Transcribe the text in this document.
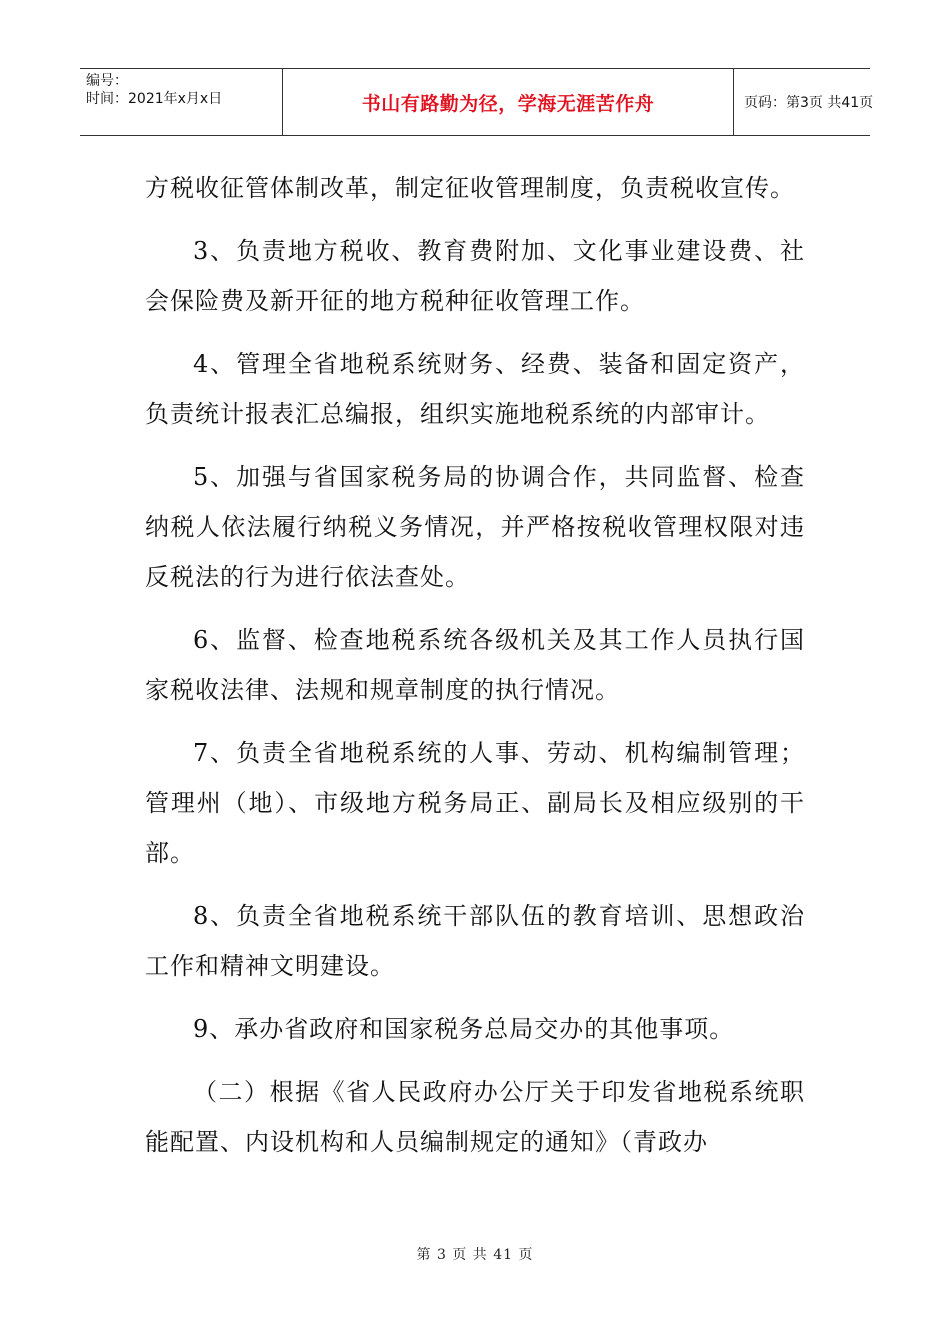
编号：
时间：2021年x月x日	书山有路勤为径，学海无涯苦作舟	页码：第3页 共41页

方税收征管体制改革，制定征收管理制度，负责税收宣传。

3、负责地方税收、教育费附加、文化事业建设费、社会保险费及新开征的地方税种征收管理工作。

4、管理全省地税系统财务、经费、装备和固定资产，负责统计报表汇总编报，组织实施地税系统的内部审计。

5、加强与省国家税务局的协调合作，共同监督、检查纳税人依法履行纳税义务情况，并严格按税收管理权限对违反税法的行为进行依法查处。

6、监督、检查地税系统各级机关及其工作人员执行国家税收法律、法规和规章制度的执行情况。

7、负责全省地税系统的人事、劳动、机构编制管理；管理州（地）、市级地方税务局正、副局长及相应级别的干部。

8、负责全省地税系统干部队伍的教育培训、思想政治工作和精神文明建设。

9、承办省政府和国家税务总局交办的其他事项。

（二）根据《省人民政府办公厅关于印发省地税系统职能配置、内设机构和人员编制规定的通知》（青政办

第 3 页 共 41 页
